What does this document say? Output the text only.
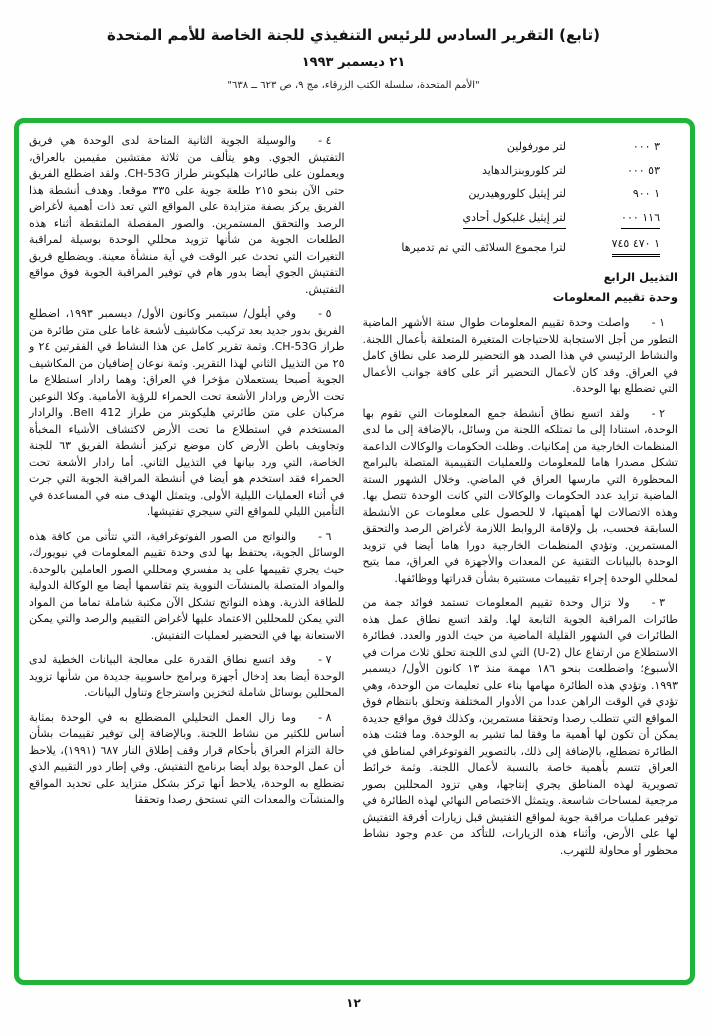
(تابع) التقرير السادس للرئيس التنفيذي للجنة الخاصة للأمم المتحدة
٢١ ديسمبر ١٩٩٣
"الأمم المتحدة، سلسلة الكتب الزرقاء، مج ٩، ص ٦٢٣ ــ ٦٣٨"
٣ ٠٠٠
لتر مورفولين
٥٣ ٠٠٠
لتر كلوروبنزالدهايد
١ ٩٠٠
لتر إيثيل كلوروهيدرين
١١٦ ٠٠٠
لتر إيثيل غليكول أحادي
١ ٤٧٠ ٧٤٥
لترا مجموع السلائف التي تم تدميرها
التذييل الرابع
وحدة تقييم المعلومات

١ -واصلت وحدة تقييم المعلومات طوال ستة الأشهر الماضية التطور من أجل الاستجابة للاحتياجات المتغيرة المتعلقة بأعمال اللجنة. والنشاط الرئيسي في هذا الصدد هو التحضير للرصد على نطاق كامل في العراق. وقد كان لأعمال التحضير أثر على كافة جوانب الأعمال التي تضطلع بها الوحدة.

٢ -ولقد اتسع نطاق أنشطة جمع المعلومات التي تقوم بها الوحدة، استنادا إلى ما تمتلكه اللجنة من وسائل، بالإضافة إلى ما لدى المنظمات الخارجية من إمكانيات. وظلت الحكومات والوكالات الداعمة تشكل مصدرا هاما للمعلومات وللعمليات التقييمية المتصلة بالبرامج المحظورة التي مارسها العراق في الماضي. وخلال الشهور الستة الماضية تزايد عدد الحكومات والوكالات التي كانت الوحدة تتصل بها. وهذه الاتصالات لها أهميتها، لا للحصول على معلومات عن الأنشطة السابقة فحسب، بل ولإقامة الروابط اللازمة لأغراض الرصد والتحقق المستمرين. وتؤدي المنظمات الخارجية دورا هاما أيضا في تزويد الوحدة بالبيانات التقنية عن المعدات والأجهزة في العراق، مما يتيح لمحللي الوحدة إجراء تقييمات مستنيرة بشأن قدراتها ووظائفها.

٣ -ولا تزال وحدة تقييم المعلومات تستمد فوائد جمة من طائرات المراقبة الجوية التابعة لها. ولقد اتسع نطاق عمل هذه الطائرات في الشهور القليلة الماضية من حيث الدور والعدد. فطائرة الاستطلاع من ارتفاع عال (U-2) التي لدى اللجنة تحلق ثلاث مرات في الأسبوع؛ واضطلعت بنحو ١٨٦ مهمة منذ ١٣ كانون الأول/ ديسمبر ١٩٩٣. وتؤدي هذه الطائرة مهامها بناء على تعليمات من الوحدة، وهي تؤدي في الوقت الراهن عددا من الأدوار المختلفة وتحلق بانتظام فوق المواقع التي تتطلب رصدا وتحققا مستمرين، وكذلك فوق مواقع جديدة يمكن أن تكون لها أهمية ما وفقا لما تشير به الوحدة. وما فتئت هذه الطائرة تضطلع، بالإضافة إلى ذلك، بالتصوير الفوتوغرافي لمناطق في العراق تتسم بأهمية خاصة بالنسبة لأعمال اللجنة. وثمة خرائط تصويرية لهذه المناطق يجري إنتاجها، وهي تزود المحللين بصور مرجعية لمساحات شاسعة. ويتمثل الاختصاص النهائي لهذه الطائرة في توفير عمليات مراقبة جوية لمواقع التفتيش قبل زيارات أفرقة التفتيش لها على الأرض، وأثناء هذه الزيارات، للتأكد من عدم وجود نشاط محظور أو محاولة للتهرب.

٤ -والوسيلة الجوية الثانية المتاحة لدى الوحدة هي فريق التفتيش الجوي. وهو يتألف من ثلاثة مفتشين مقيمين بالعراق، ويعملون على طائرات هليكوبتر طراز CH-53G. ولقد اضطلع الفريق حتى الآن بنحو ٢١٥ طلعة جوية على ٣٣٥ موقعا. وهدف أنشطة هذا الفريق يركز بصفة متزايدة على المواقع التي تعد ذات أهمية لأغراض الرصد والتحقق المستمرين. والصور المفصلة الملتقطة أثناء هذه الطلعات الجوية من شأنها تزويد محللي الوحدة بوسيلة لمراقبة التغيرات التي تحدث عبر الوقت في أية منشأة معينة. ويضطلع فريق التفتيش الجوي أيضا بدور هام في توفير المراقبة الجوية فوق مواقع التفتيش.

٥ -وفي أيلول/ سبتمبر وكانون الأول/ ديسمبر ١٩٩٣، اضطلع الفريق بدور جديد بعد تركيب مكاشيف لأشعة غاما على متن طائرة من طراز CH-53G. وثمة تقرير كامل عن هذا النشاط في الفقرتين ٢٤ و ٢٥ من التذييل الثاني لهذا التقرير. وثمة نوعان إضافيان من المكاشيف الجوية أصبحا يستعملان مؤخرا في العراق: وهما رادار استطلاع ما تحت الأرض ورادار الأشعة تحت الحمراء للرؤية الأمامية. وكلا النوعين مركبان على متن طائرتي هليكوبتر من طراز Bell 412. والرادار المستخدم في استطلاع ما تحت الأرض لاكتشاف الأشياء المخبأة وتجاويف باطن الأرض كان موضع تركيز أنشطة الفريق ٦٣ للجنة الخاصة، التي ورد بيانها في التذييل الثاني. أما رادار الأشعة تحت الحمراء فقد استخدم هو أيضا في أنشطة المراقبة الجوية التي جرت في أثناء العمليات الليلية الأولى. ويتمثل الهدف منه في المساعدة في التأمين الليلي للمواقع التي سيجري تفتيشها.

٦ -والنواتج من الصور الفوتوغرافية، التي تتأتى من كافة هذه الوسائل الجوية، يحتفظ بها لدى وحدة تقييم المعلومات في نيويورك، حيث يجري تقييمها على يد مفسري ومحللي الصور العاملين بالوحدة. والمواد المتصلة بالمنشآت النووية يتم تقاسمها أيضا مع الوكالة الدولية للطاقة الذرية. وهذه النواتج تشكل الآن مكتبة شاملة تماما من المواد التي يمكن للمحللين الاعتماد عليها لأغراض التقييم والرصد والتي يمكن الاستعانة بها في التحضير لعمليات التفتيش.

٧ -وقد اتسع نطاق القدرة على معالجة البيانات الخطية لدى الوحدة أيضا بعد إدخال أجهزة وبرامج حاسوبية جديدة من شأنها تزويد المحللين بوسائل شاملة لتخزين واسترجاع وتناول البيانات.

٨ -وما زال العمل التحليلي المضطلع به في الوحدة بمثابة أساس للكثير من نشاط اللجنة. وبالإضافة إلى توفير تقييمات بشأن حالة التزام العراق بأحكام قرار وقف إطلاق النار ٦٨٧ (١٩٩١)، يلاحظ أن عمل الوحدة يولد أيضا برنامج التفتيش. وفي إطار دور التقييم الذي تضطلع به الوحدة، يلاحظ أنها تركز بشكل متزايد على تحديد المواقع والمنشآت والمعدات التي تستحق رصدا وتحققا

١٢
